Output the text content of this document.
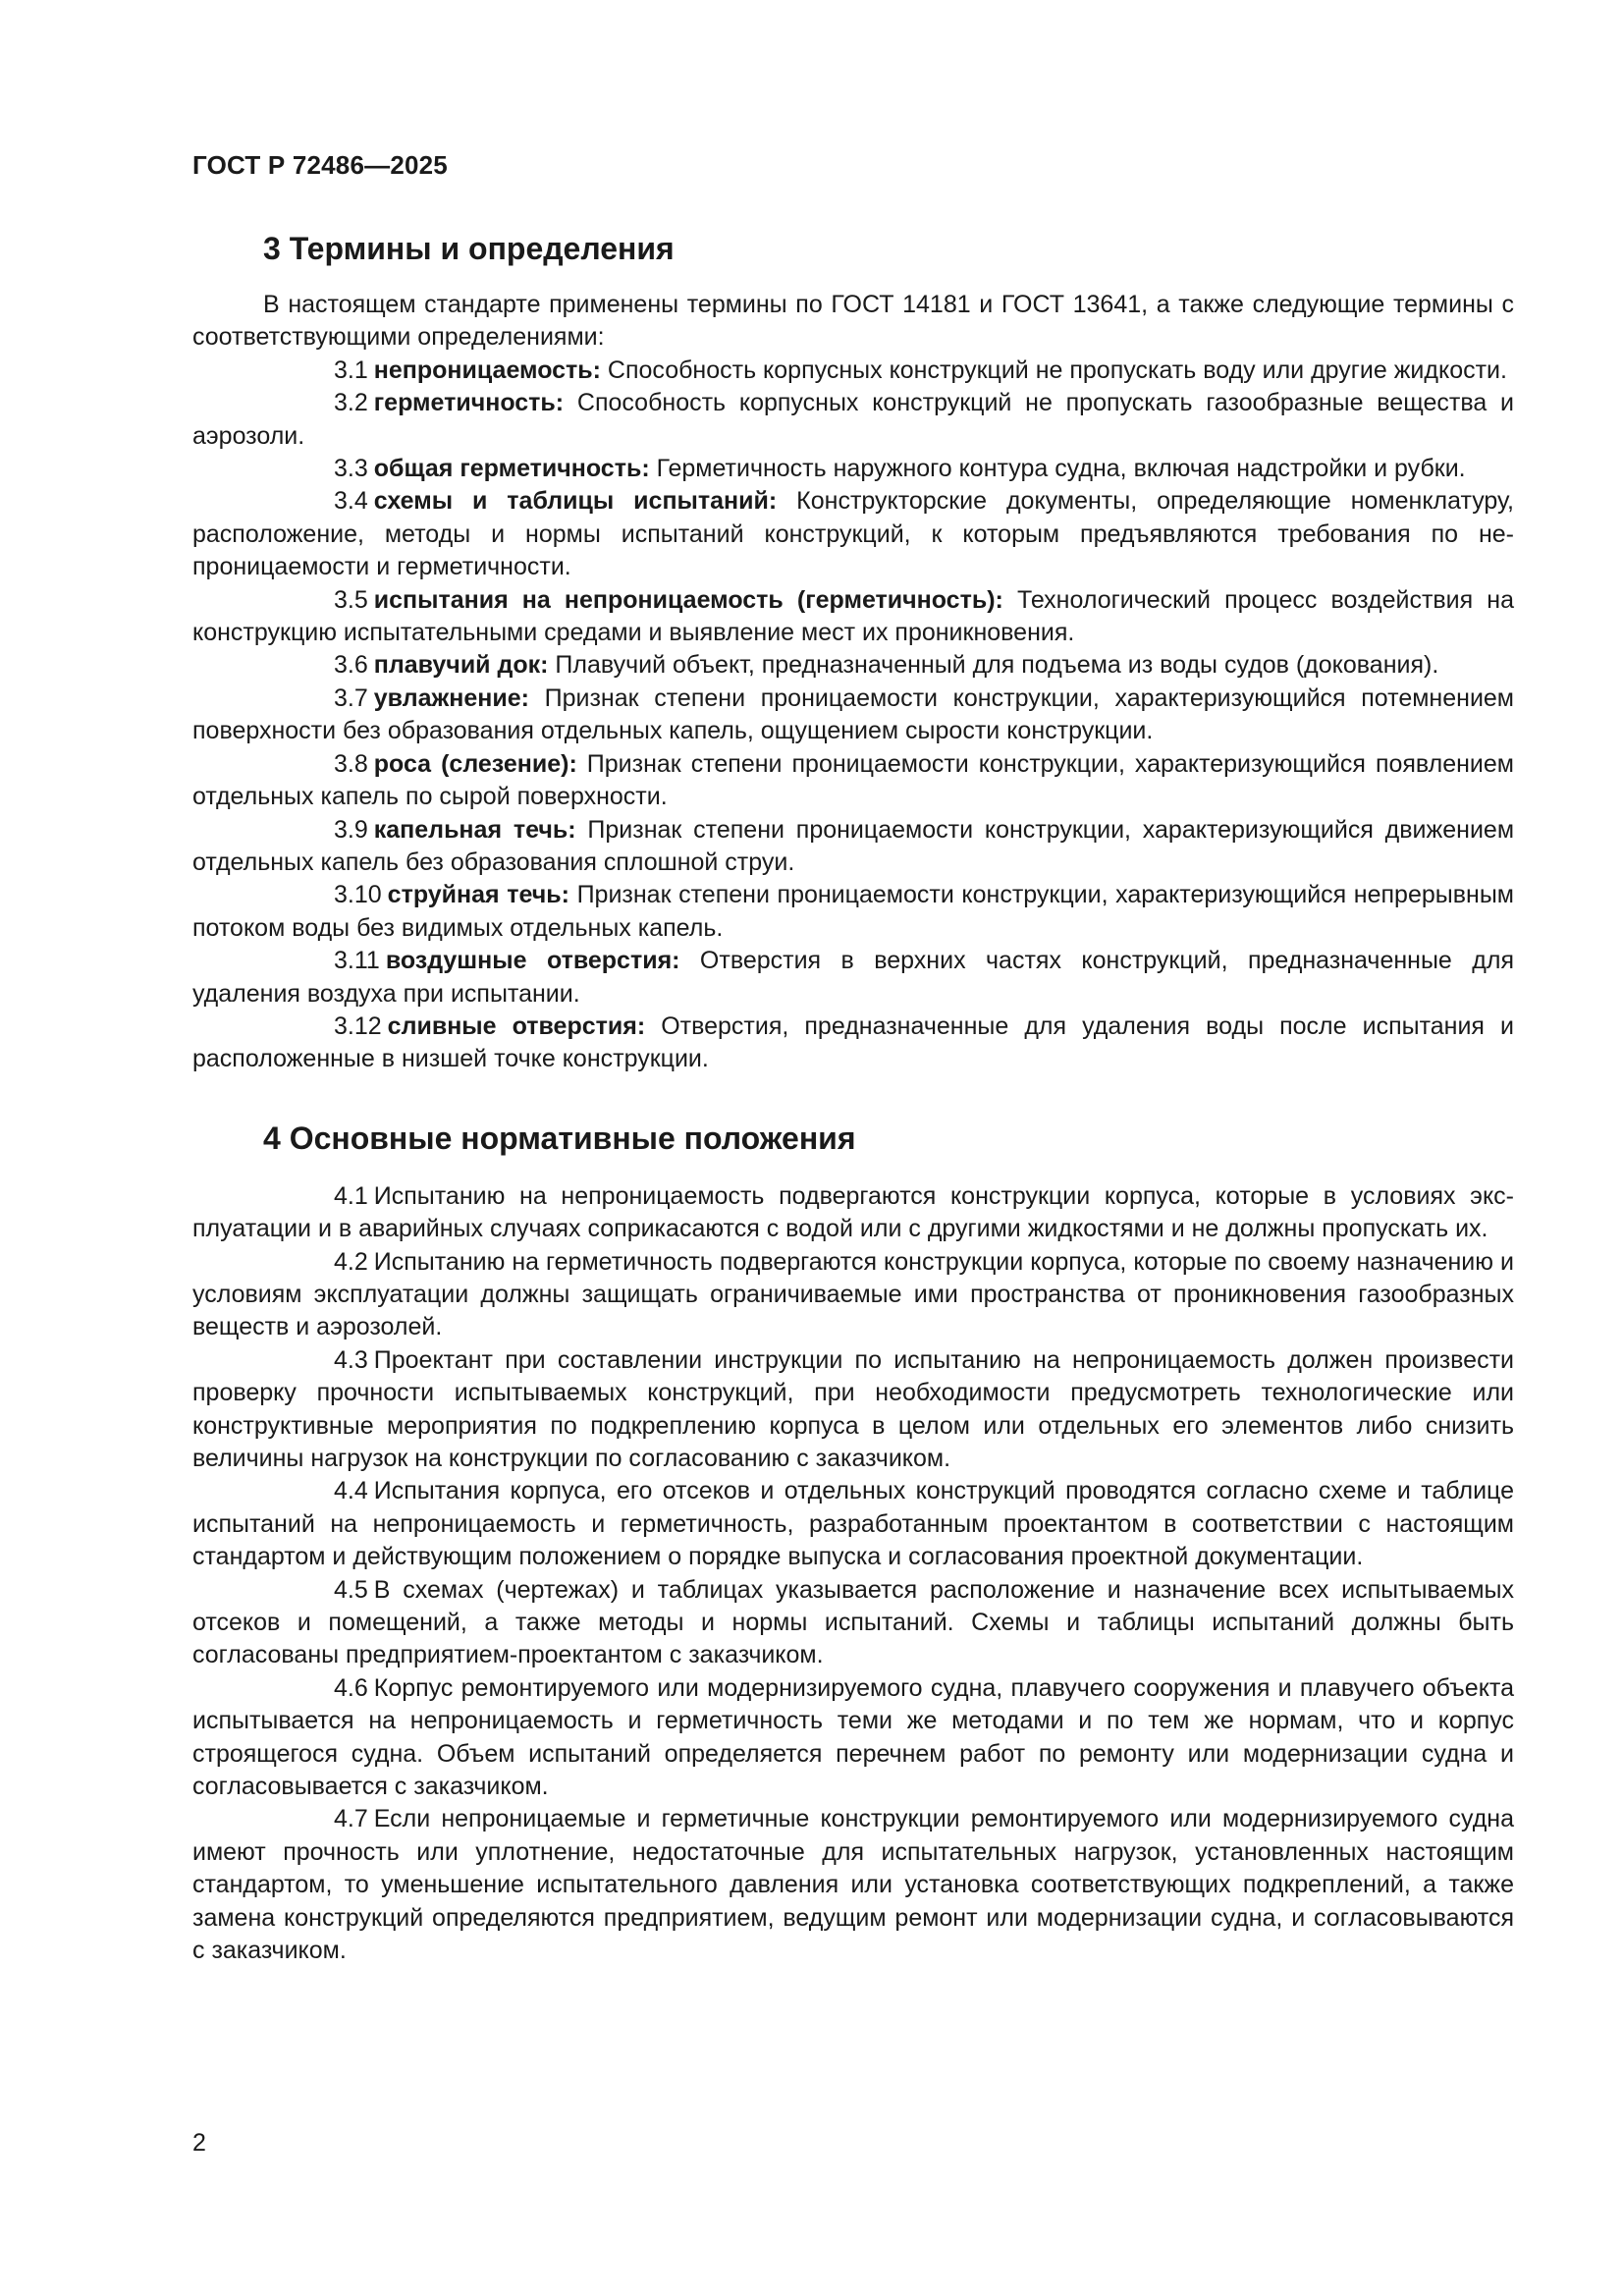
ГОСТ Р 72486—2025
3 Термины и определения

В настоящем стандарте применены термины по ГОСТ 14181 и ГОСТ 13641, а также следующие термины с соответствующими определениями:

3.1 непроницаемость: Способность корпусных конструкций не пропускать воду или другие жидкости.

3.2 герметичность: Способность корпусных конструкций не пропускать газообразные вещества и аэрозоли.

3.3 общая герметичность: Герметичность наружного контура судна, включая надстройки и рубки.

3.4 схемы и таблицы испытаний: Конструкторские документы, определяющие номенклатуру, расположение, методы и нормы испытаний конструкций, к которым предъявляются требования по непроницаемости и герметичности.

3.5 испытания на непроницаемость (герметичность): Технологический процесс воздействия на конструкцию испытательными средами и выявление мест их проникновения.

3.6 плавучий док: Плавучий объект, предназначенный для подъема из воды судов (докования).

3.7 увлажнение: Признак степени проницаемости конструкции, характеризующийся потемнением поверхности без образования отдельных капель, ощущением сырости конструкции.

3.8 роса (слезение): Признак степени проницаемости конструкции, характеризующийся появлением отдельных капель по сырой поверхности.

3.9 капельная течь: Признак степени проницаемости конструкции, характеризующийся движением отдельных капель без образования сплошной струи.

3.10 струйная течь: Признак степени проницаемости конструкции, характеризующийся непрерывным потоком воды без видимых отдельных капель.

3.11 воздушные отверстия: Отверстия в верхних частях конструкций, предназначенные для удаления воздуха при испытании.

3.12 сливные отверстия: Отверстия, предназначенные для удаления воды после испытания и расположенные в низшей точке конструкции.

4 Основные нормативные положения

4.1 Испытанию на непроницаемость подвергаются конструкции корпуса, которые в условиях эксплуатации и в аварийных случаях соприкасаются с водой или с другими жидкостями и не должны пропускать их.

4.2 Испытанию на герметичность подвергаются конструкции корпуса, которые по своему назначению и условиям эксплуатации должны защищать ограничиваемые ими пространства от проникновения газообразных веществ и аэрозолей.

4.3 Проектант при составлении инструкции по испытанию на непроницаемость должен произвести проверку прочности испытываемых конструкций, при необходимости предусмотреть технологические или конструктивные мероприятия по подкреплению корпуса в целом или отдельных его элементов либо снизить величины нагрузок на конструкции по согласованию с заказчиком.

4.4 Испытания корпуса, его отсеков и отдельных конструкций проводятся согласно схеме и таблице испытаний на непроницаемость и герметичность, разработанным проектантом в соответствии с настоящим стандартом и действующим положением о порядке выпуска и согласования проектной документации.

4.5 В схемах (чертежах) и таблицах указывается расположение и назначение всех испытываемых отсеков и помещений, а также методы и нормы испытаний. Схемы и таблицы испытаний должны быть согласованы предприятием-проектантом с заказчиком.

4.6 Корпус ремонтируемого или модернизируемого судна, плавучего сооружения и плавучего объекта испытывается на непроницаемость и герметичность теми же методами и по тем же нормам, что и корпус строящегося судна. Объем испытаний определяется перечнем работ по ремонту или модернизации судна и согласовывается с заказчиком.

4.7 Если непроницаемые и герметичные конструкции ремонтируемого или модернизируемого судна имеют прочность или уплотнение, недостаточные для испытательных нагрузок, установленных настоящим стандартом, то уменьшение испытательного давления или установка соответствующих подкреплений, а также замена конструкций определяются предприятием, ведущим ремонт или модернизации судна, и согласовываются с заказчиком.

2
